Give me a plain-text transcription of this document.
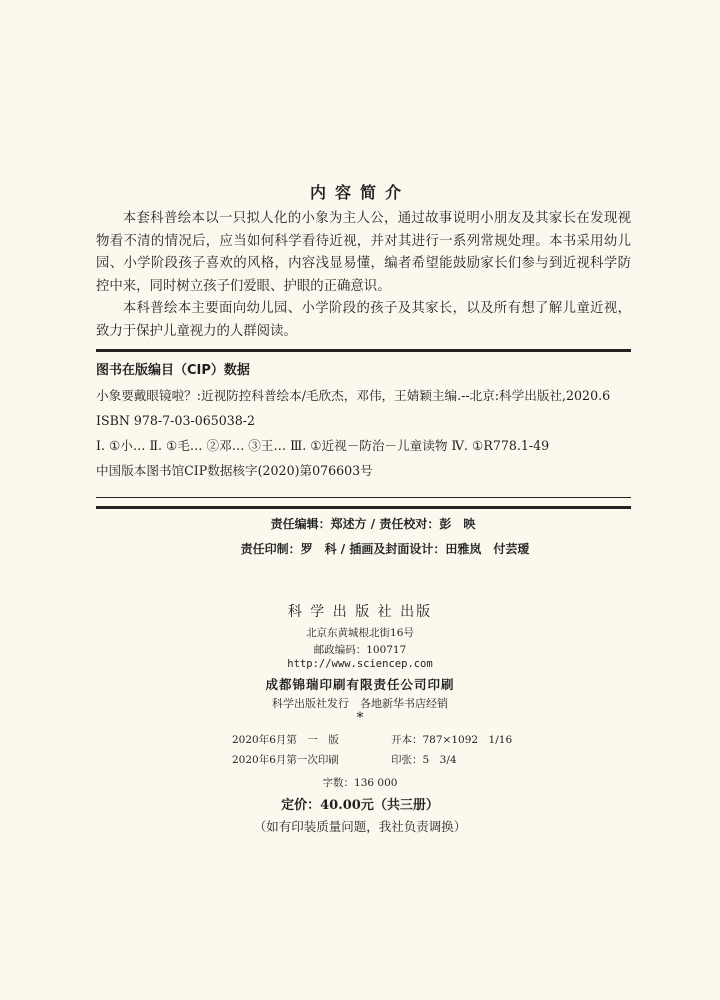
内容简介

本套科普绘本以一只拟人化的小象为主人公，通过故事说明小朋友及其家长在发现视物看不清的情况后，应当如何科学看待近视，并对其进行一系列常规处理。本书采用幼儿园、小学阶段孩子喜欢的风格，内容浅显易懂，编者希望能鼓励家长们参与到近视科学防控中来，同时树立孩子们爱眼、护眼的正确意识。

本科普绘本主要面向幼儿园、小学阶段的孩子及其家长，以及所有想了解儿童近视，致力于保护儿童视力的人群阅读。

图书在版编目（CIP）数据
小象要戴眼镜啦？:近视防控科普绘本/毛欣杰，邓伟，王婧颖主编.--北京:科学出版社,2020.6
ISBN 978-7-03-065038-2
Ⅰ. ①小… Ⅱ. ①毛… ②邓… ③王… Ⅲ. ①近视－防治－儿童读物 Ⅳ. ①R778.1-49
中国版本图书馆CIP数据核字(2020)第076603号
责任编辑：郑述方 / 责任校对：彭　映
责任印制：罗　科 / 插画及封面设计：田雅岚　付芸瑷
科 学 出 版 社 出版
北京东黄城根北街16号
邮政编码：100717
http://www.sciencep.com
成都锦瑞印刷有限责任公司印刷
科学出版社发行　各地新华书店经销
*
2020年6月第　一　版	开本：787×1092　1/16
2020年6月第一次印刷	印张：5　3/4
字数：136 000
定价：40.00元（共三册）
（如有印装质量问题，我社负责调换）
